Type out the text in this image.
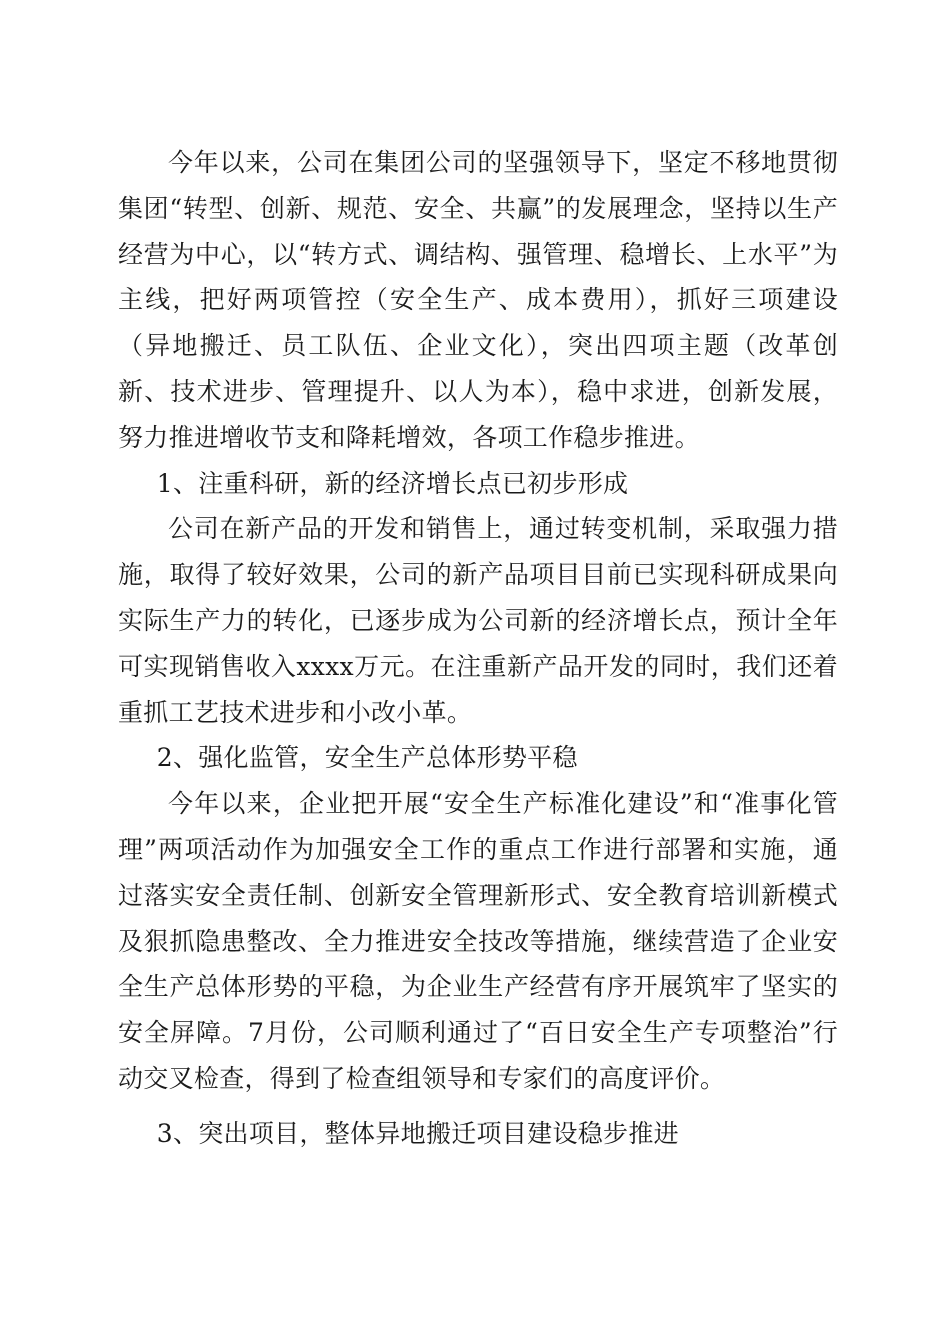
今年以来，公司在集团公司的坚强领导下，坚定不移地贯彻集团“转型、创新、规范、安全、共赢”的发展理念，坚持以生产经营为中心，以“转方式、调结构、强管理、稳增长、上水平”为主线，把好两项管控（安全生产、成本费用），抓好三项建设（异地搬迁、员工队伍、企业文化），突出四项主题（改革创新、技术进步、管理提升、以人为本），稳中求进，创新发展，努力推进增收节支和降耗增效，各项工作稳步推进。

1、注重科研，新的经济增长点已初步形成

公司在新产品的开发和销售上，通过转变机制，采取强力措施，取得了较好效果，公司的新产品项目目前已实现科研成果向实际生产力的转化，已逐步成为公司新的经济增长点，预计全年可实现销售收入xxxx万元。在注重新产品开发的同时，我们还着重抓工艺技术进步和小改小革。

2、强化监管，安全生产总体形势平稳

今年以来，企业把开展“安全生产标准化建设”和“准事化管理”两项活动作为加强安全工作的重点工作进行部署和实施，通过落实安全责任制、创新安全管理新形式、安全教育培训新模式及狠抓隐患整改、全力推进安全技改等措施，继续营造了企业安全生产总体形势的平稳，为企业生产经营有序开展筑牢了坚实的安全屏障。7月份，公司顺利通过了“百日安全生产专项整治”行动交叉检查，得到了检查组领导和专家们的高度评价。

3、突出项目，整体异地搬迁项目建设稳步推进
